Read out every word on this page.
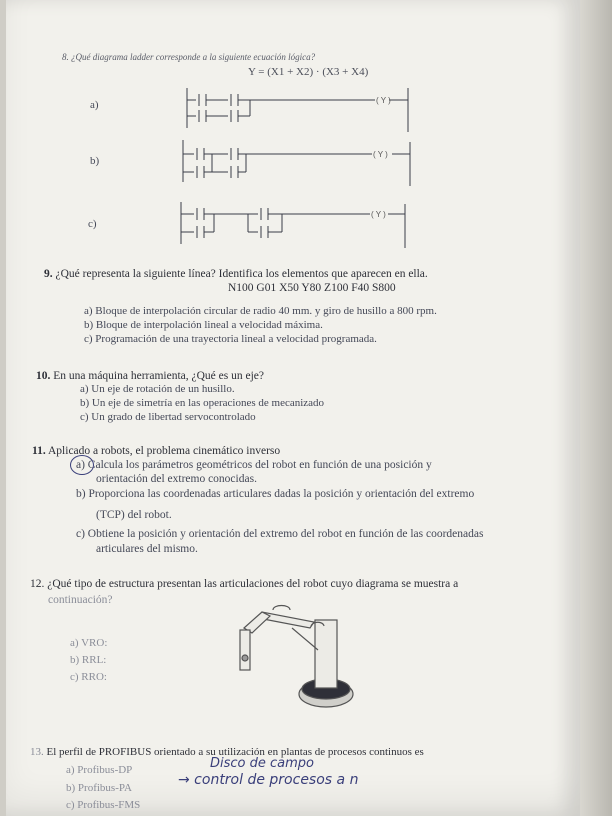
8. ¿Qué diagrama ladder corresponde a la siguiente ecuación lógica?
Y = (X1 + X2) · (X3 + X4)
a)
b)
c)
( Y )
( Y )
( Y )
9. ¿Qué representa la siguiente línea? Identifica los elementos que aparecen en ella.
N100 G01 X50 Y80 Z100 F40 S800
a) Bloque de interpolación circular de radio 40 mm. y giro de husillo a 800 rpm.
b) Bloque de interpolación lineal a velocidad máxima.
c) Programación de una trayectoria lineal a velocidad programada.
10. En una máquina herramienta, ¿Qué es un eje?
a) Un eje de rotación de un husillo.
b) Un eje de simetría en las operaciones de mecanizado
c) Un grado de libertad servocontrolado
11. Aplicado a robots, el problema cinemático inverso
a) Calcula los parámetros geométricos del robot en función de una posición y
orientación del extremo conocidas.
b) Proporciona las coordenadas articulares dadas la posición y orientación del extremo
(TCP) del robot.
c) Obtiene la posición y orientación del extremo del robot en función de las coordenadas
articulares del mismo.
12. ¿Qué tipo de estructura presentan las articulaciones del robot cuyo diagrama se muestra a
continuación?
a) VRO:
b) RRL:
c) RRO:
13. El perfil de PROFIBUS orientado a su utilización en plantas de procesos continuos es
a) Profibus-DP
b) Profibus-PA
c) Profibus-FMS
Disco de campo
→ control de procesos a n
